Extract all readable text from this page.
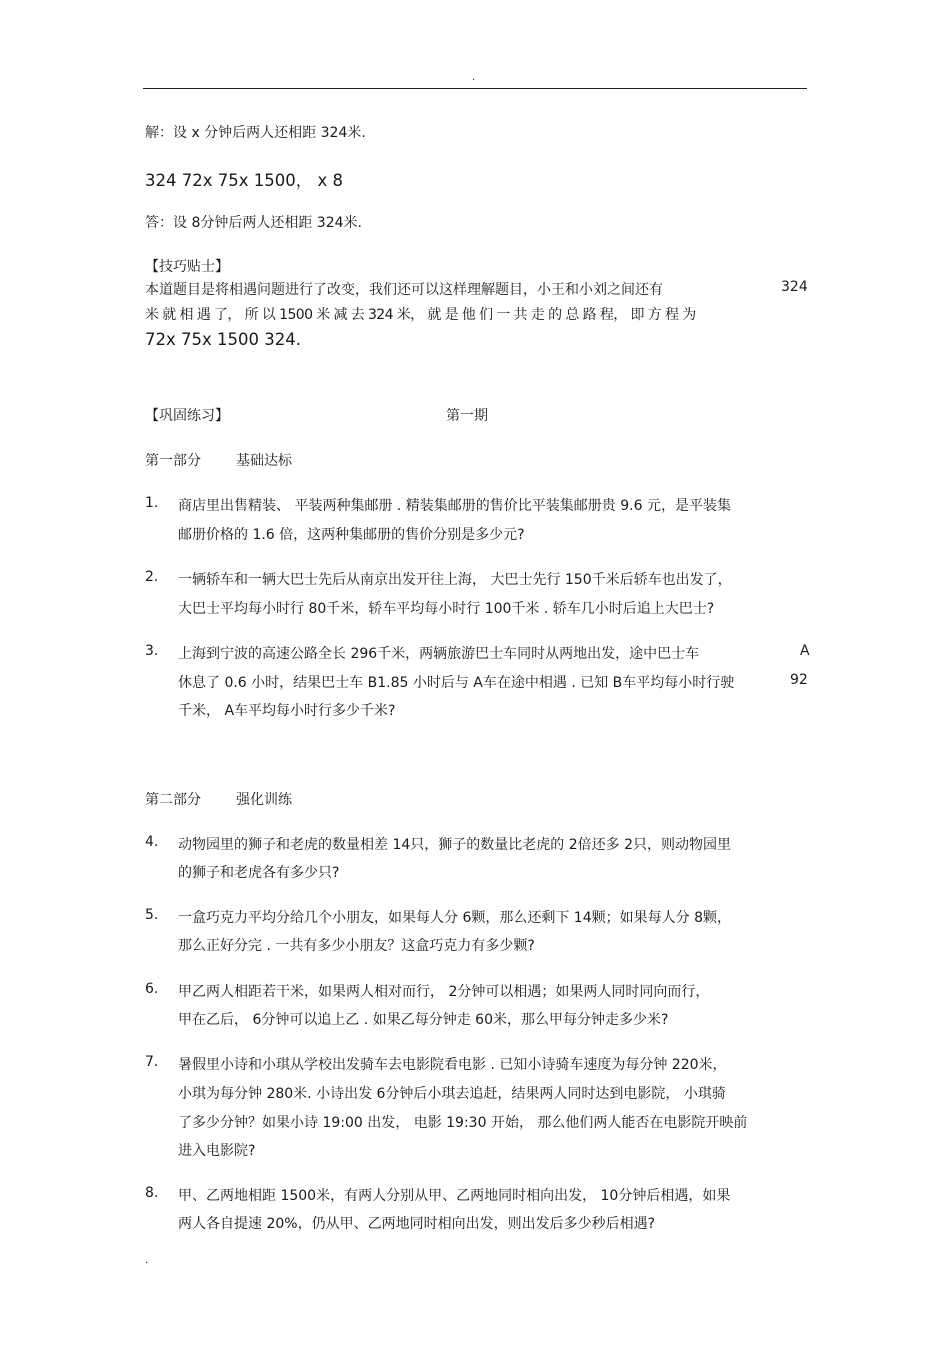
.
解：设 x 分钟后两人还相距 324米.
324 72x 75x 1500， x 8
答：设 8分钟后两人还相距 324米.
【技巧贴士】
本道题目是将相遇问题进行了改变，我们还可以这样理解题目，小王和小刘之间还有	324
米 就 相 遇 了， 所 以 1500 米 减 去 324 米， 就 是 他 们 一 共 走 的 总 路 程， 即 方 程 为
72x 75x 1500 324.
【巩固练习】	第一期
第一部分	基础达标
1. 商店里出售精装、 平装两种集邮册 . 精装集邮册的售价比平装集邮册贵 9.6 元，是平装集
邮册价格的 1.6 倍，这两种集邮册的售价分别是多少元?
2. 一辆轿车和一辆大巴士先后从南京出发开往上海， 大巴士先行 150千米后轿车也出发了，
大巴士平均每小时行 80千米，轿车平均每小时行 100千米 . 轿车几小时后追上大巴士?
3. 上海到宁波的高速公路全长 296千米，两辆旅游巴士车同时从两地出发，途中巴士车	A
休息了 0.6 小时，结果巴士车 B1.85 小时后与 A车在途中相遇 . 已知 B车平均每小时行驶	92
千米， A车平均每小时行多少千米?
第二部分	强化训练
4. 动物园里的狮子和老虎的数量相差 14只，狮子的数量比老虎的 2倍还多 2只，则动物园里
的狮子和老虎各有多少只?
5. 一盒巧克力平均分给几个小朋友，如果每人分 6颗，那么还剩下 14颗；如果每人分 8颗，
那么正好分完 . 一共有多少小朋友？这盒巧克力有多少颗?
6. 甲乙两人相距若干米，如果两人相对而行， 2分钟可以相遇；如果两人同时同向而行，
甲在乙后， 6分钟可以追上乙 . 如果乙每分钟走 60米，那么甲每分钟走多少米?
7. 暑假里小诗和小琪从学校出发骑车去电影院看电影 . 已知小诗骑车速度为每分钟 220米，
小琪为每分钟 280米. 小诗出发 6分钟后小琪去追赶，结果两人同时达到电影院， 小琪骑
了多少分钟？如果小诗 19:00 出发， 电影 19:30 开始， 那么他们两人能否在电影院开映前
进入电影院?
8. 甲、乙两地相距 1500米，有两人分别从甲、乙两地同时相向出发， 10分钟后相遇，如果
两人各自提速 20%，仍从甲、乙两地同时相向出发，则出发后多少秒后相遇?
.
